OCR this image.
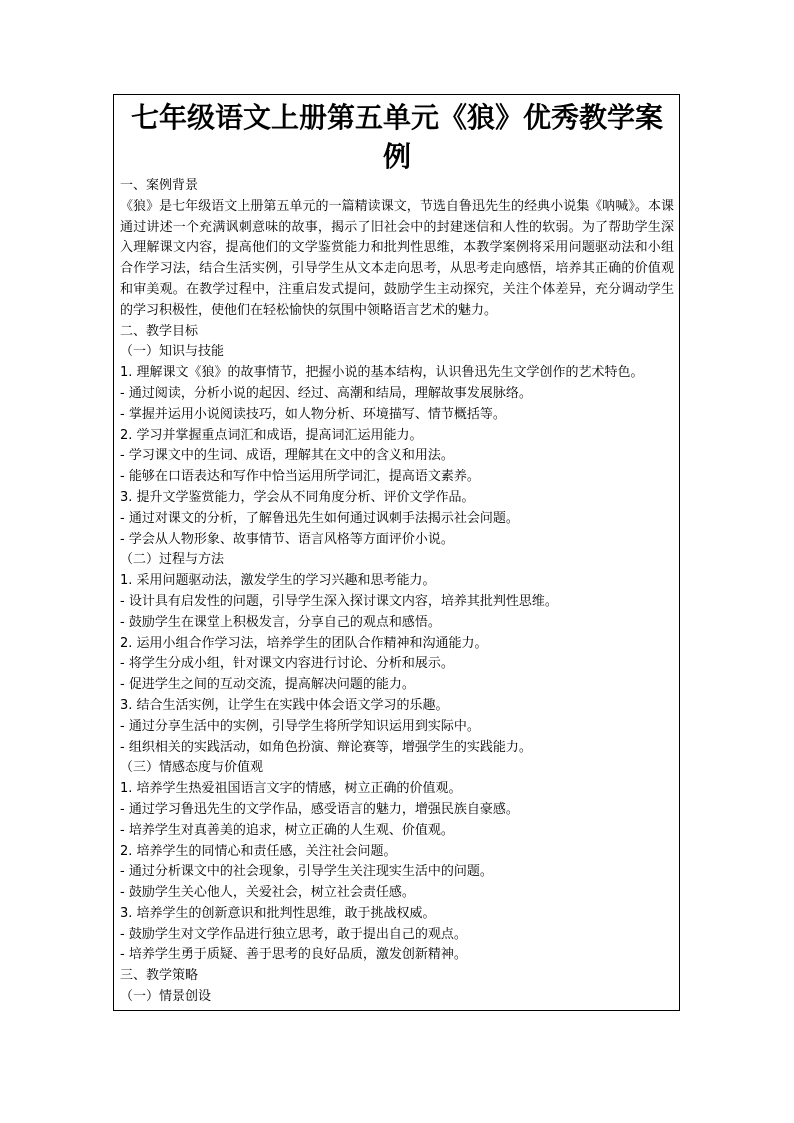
七年级语文上册第五单元《狼》优秀教学案例
一、案例背景
《狼》是七年级语文上册第五单元的一篇精读课文，节选自鲁迅先生的经典小说集《呐喊》。本课通过讲述一个充满讽刺意味的故事，揭示了旧社会中的封建迷信和人性的软弱。为了帮助学生深入理解课文内容，提高他们的文学鉴赏能力和批判性思维，本教学案例将采用问题驱动法和小组合作学习法，结合生活实例，引导学生从文本走向思考，从思考走向感悟，培养其正确的价值观和审美观。在教学过程中，注重启发式提问，鼓励学生主动探究，关注个体差异，充分调动学生的学习积极性，使他们在轻松愉快的氛围中领略语言艺术的魅力。
二、教学目标
（一）知识与技能
1. 理解课文《狼》的故事情节，把握小说的基本结构，认识鲁迅先生文学创作的艺术特色。
- 通过阅读，分析小说的起因、经过、高潮和结局，理解故事发展脉络。
- 掌握并运用小说阅读技巧，如人物分析、环境描写、情节概括等。
2. 学习并掌握重点词汇和成语，提高词汇运用能力。
- 学习课文中的生词、成语，理解其在文中的含义和用法。
- 能够在口语表达和写作中恰当运用所学词汇，提高语文素养。
3. 提升文学鉴赏能力，学会从不同角度分析、评价文学作品。
- 通过对课文的分析，了解鲁迅先生如何通过讽刺手法揭示社会问题。
- 学会从人物形象、故事情节、语言风格等方面评价小说。
（二）过程与方法
1. 采用问题驱动法，激发学生的学习兴趣和思考能力。
- 设计具有启发性的问题，引导学生深入探讨课文内容，培养其批判性思维。
- 鼓励学生在课堂上积极发言，分享自己的观点和感悟。
2. 运用小组合作学习法，培养学生的团队合作精神和沟通能力。
- 将学生分成小组，针对课文内容进行讨论、分析和展示。
- 促进学生之间的互动交流，提高解决问题的能力。
3. 结合生活实例，让学生在实践中体会语文学习的乐趣。
- 通过分享生活中的实例，引导学生将所学知识运用到实际中。
- 组织相关的实践活动，如角色扮演、辩论赛等，增强学生的实践能力。
（三）情感态度与价值观
1. 培养学生热爱祖国语言文字的情感，树立正确的价值观。
- 通过学习鲁迅先生的文学作品，感受语言的魅力，增强民族自豪感。
- 培养学生对真善美的追求，树立正确的人生观、价值观。
2. 培养学生的同情心和责任感，关注社会问题。
- 通过分析课文中的社会现象，引导学生关注现实生活中的问题。
- 鼓励学生关心他人，关爱社会，树立社会责任感。
3. 培养学生的创新意识和批判性思维，敢于挑战权威。
- 鼓励学生对文学作品进行独立思考，敢于提出自己的观点。
- 培养学生勇于质疑、善于思考的良好品质，激发创新精神。
三、教学策略
（一）情景创设
